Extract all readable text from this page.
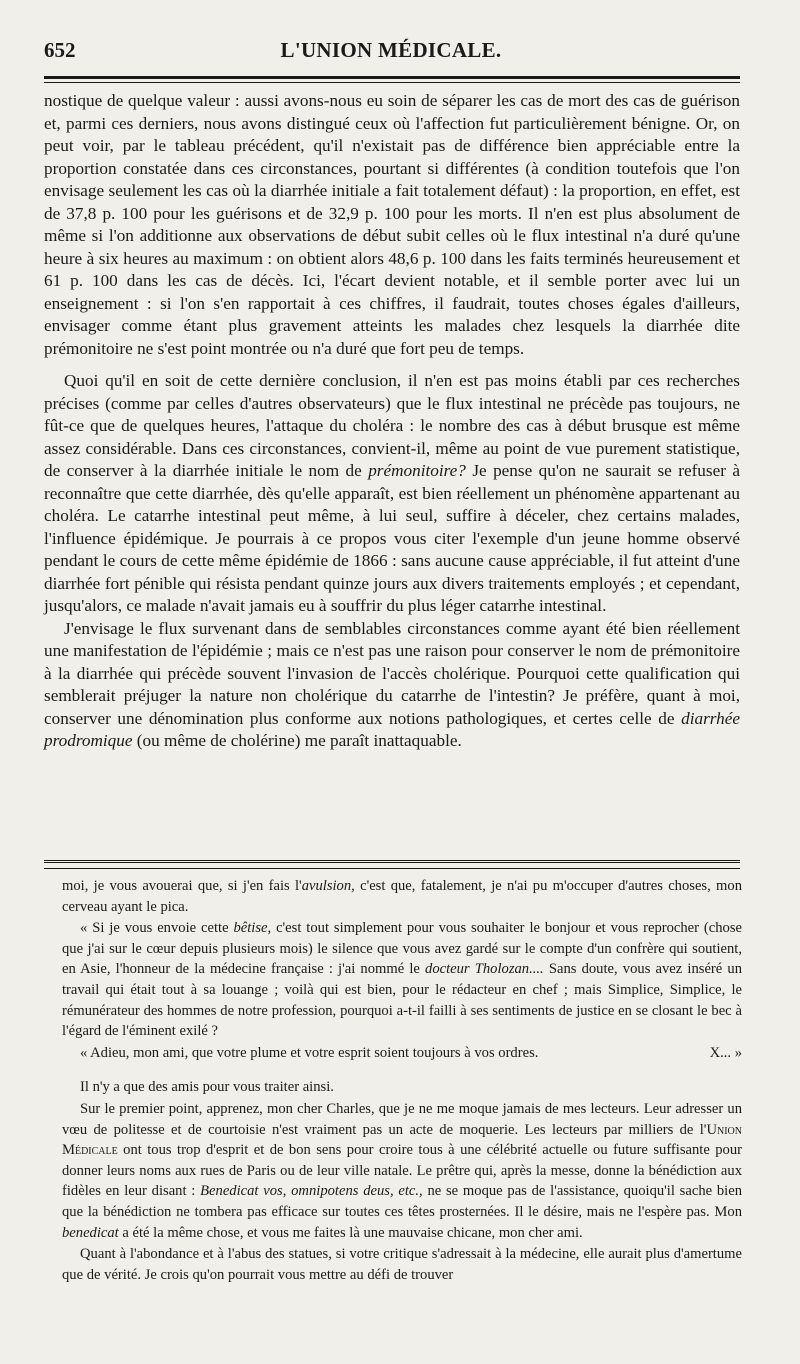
652	L'UNION MÉDICALE.

nostique de quelque valeur : aussi avons-nous eu soin de séparer les cas de mort des cas de guérison et, parmi ces derniers, nous avons distingué ceux où l'affection fut particulièrement bénigne. Or, on peut voir, par le tableau précédent, qu'il n'existait pas de différence bien appréciable entre la proportion constatée dans ces circonstances, pourtant si différentes (à condition toutefois que l'on envisage seulement les cas où la diarrhée initiale a fait totalement défaut) : la proportion, en effet, est de 37,8 p. 100 pour les guérisons et de 32,9 p. 100 pour les morts. Il n'en est plus absolument de même si l'on additionne aux observations de début subit celles où le flux intestinal n'a duré qu'une heure à six heures au maximum : on obtient alors 48,6 p. 100 dans les faits terminés heureusement et 61 p. 100 dans les cas de décès. Ici, l'écart devient notable, et il semble porter avec lui un enseignement : si l'on s'en rapportait à ces chiffres, il faudrait, toutes choses égales d'ailleurs, envisager comme étant plus gravement atteints les malades chez lesquels la diarrhée dite prémonitoire ne s'est point montrée ou n'a duré que fort peu de temps.

Quoi qu'il en soit de cette dernière conclusion, il n'en est pas moins établi par ces recherches précises (comme par celles d'autres observateurs) que le flux intestinal ne précède pas toujours, ne fût-ce que de quelques heures, l'attaque du choléra : le nombre des cas à début brusque est même assez considérable. Dans ces circonstances, convient-il, même au point de vue purement statistique, de conserver à la diarrhée initiale le nom de prémonitoire? Je pense qu'on ne saurait se refuser à reconnaître que cette diarrhée, dès qu'elle apparaît, est bien réellement un phénomène appartenant au choléra. Le catarrhe intestinal peut même, à lui seul, suffire à déceler, chez certains malades, l'influence épidémique. Je pourrais à ce propos vous citer l'exemple d'un jeune homme observé pendant le cours de cette même épidémie de 1866 : sans aucune cause appréciable, il fut atteint d'une diarrhée fort pénible qui résista pendant quinze jours aux divers traitements employés ; et cependant, jusqu'alors, ce malade n'avait jamais eu à souffrir du plus léger catarrhe intestinal.

J'envisage le flux survenant dans de semblables circonstances comme ayant été bien réellement une manifestation de l'épidémie ; mais ce n'est pas une raison pour conserver le nom de prémonitoire à la diarrhée qui précède souvent l'invasion de l'accès cholérique. Pourquoi cette qualification qui semblerait préjuger la nature non cholérique du catarrhe de l'intestin? Je préfère, quant à moi, conserver une dénomination plus conforme aux notions pathologiques, et certes celle de diarrhée prodromique (ou même de cholérine) me paraît inattaquable.

moi, je vous avouerai que, si j'en fais l'avulsion, c'est que, fatalement, je n'ai pu m'occuper d'autres choses, mon cerveau ayant le pica.

« Si je vous envoie cette bêtise, c'est tout simplement pour vous souhaiter le bonjour et vous reprocher (chose que j'ai sur le cœur depuis plusieurs mois) le silence que vous avez gardé sur le compte d'un confrère qui soutient, en Asie, l'honneur de la médecine française : j'ai nommé le docteur Tholozan.... Sans doute, vous avez inséré un travail qui était tout à sa louange ; voilà qui est bien, pour le rédacteur en chef ; mais Simplice, Simplice, le rémunérateur des hommes de notre profession, pourquoi a-t-il failli à ses sentiments de justice en se closant le bec à l'égard de l'éminent exilé ?

« Adieu, mon ami, que votre plume et votre esprit soient toujours à vos ordres.	X... »

Il n'y a que des amis pour vous traiter ainsi.

Sur le premier point, apprenez, mon cher Charles, que je ne me moque jamais de mes lecteurs. Leur adresser un vœu de politesse et de courtoisie n'est vraiment pas un acte de moquerie. Les lecteurs par milliers de l'Union Médicale ont tous trop d'esprit et de bon sens pour croire tous à une célébrité actuelle ou future suffisante pour donner leurs noms aux rues de Paris ou de leur ville natale. Le prêtre qui, après la messe, donne la bénédiction aux fidèles en leur disant : Benedicat vos, omnipotens deus, etc., ne se moque pas de l'assistance, quoiqu'il sache bien que la bénédiction ne tombera pas efficace sur toutes ces têtes prosternées. Il le désire, mais ne l'espère pas. Mon benedicat a été la même chose, et vous me faites là une mauvaise chicane, mon cher ami.

Quant à l'abondance et à l'abus des statues, si votre critique s'adressait à la médecine, elle aurait plus d'amertume que de vérité. Je crois qu'on pourrait vous mettre au défi de trouver
